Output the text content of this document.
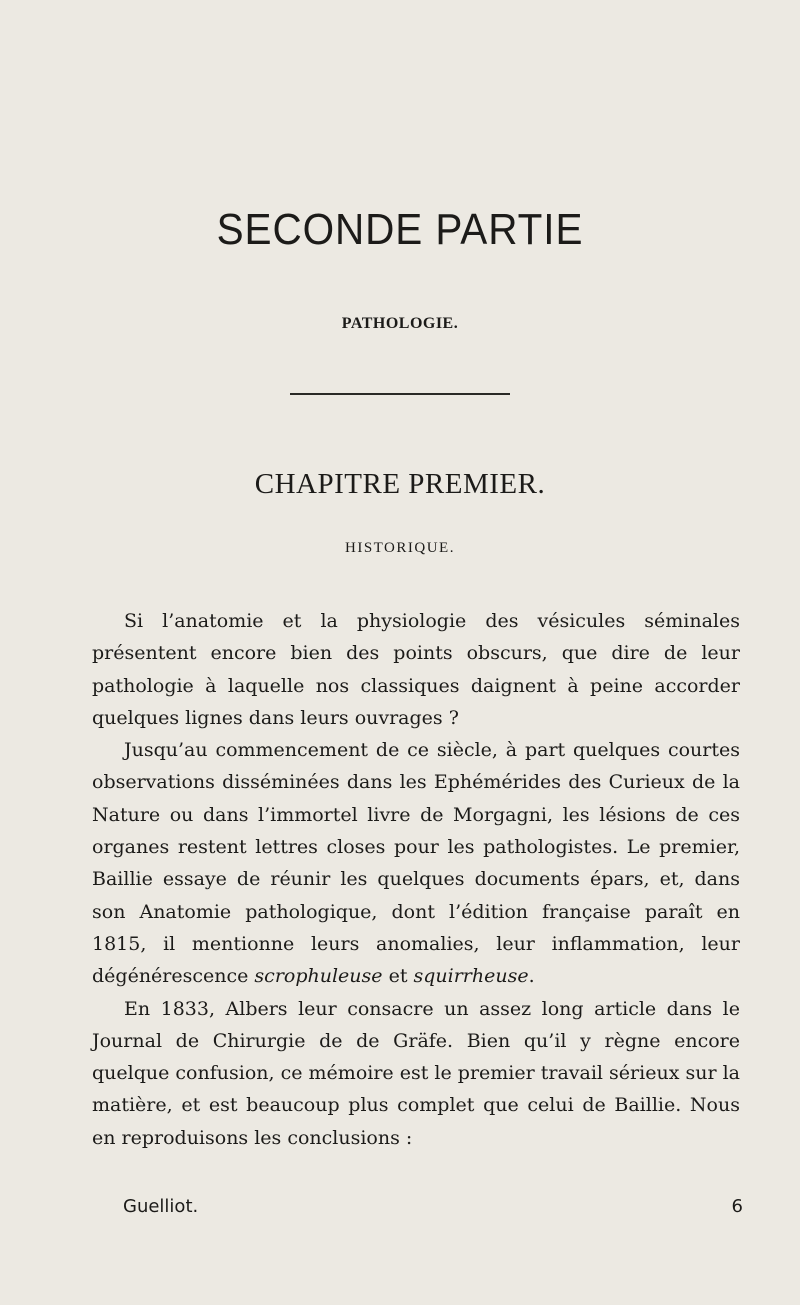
SECONDE PARTIE
PATHOLOGIE.
CHAPITRE PREMIER.
HISTORIQUE.

Si l’anatomie et la physiologie des vésicules séminales présentent encore bien des points obscurs, que dire de leur pathologie à laquelle nos classiques daignent à peine accorder quelques lignes dans leurs ouvrages ?

Jusqu’au commencement de ce siècle, à part quelques courtes observations disséminées dans les Ephémérides des Curieux de la Nature ou dans l’immortel livre de Morgagni, les lésions de ces organes restent lettres closes pour les pathologistes. Le premier, Baillie essaye de réunir les quelques documents épars, et, dans son Anatomie pathologique, dont l’édition française paraît en 1815, il mentionne leurs anomalies, leur inflammation, leur dégénérescence scrophuleuse et squirrheuse.

En 1833, Albers leur consacre un assez long article dans le Journal de Chirurgie de de Gräfe. Bien qu’il y règne encore quelque confusion, ce mémoire est le premier travail sérieux sur la matière, et est beaucoup plus complet que celui de Baillie. Nous en reproduisons les conclusions :

Guelliot.	6
